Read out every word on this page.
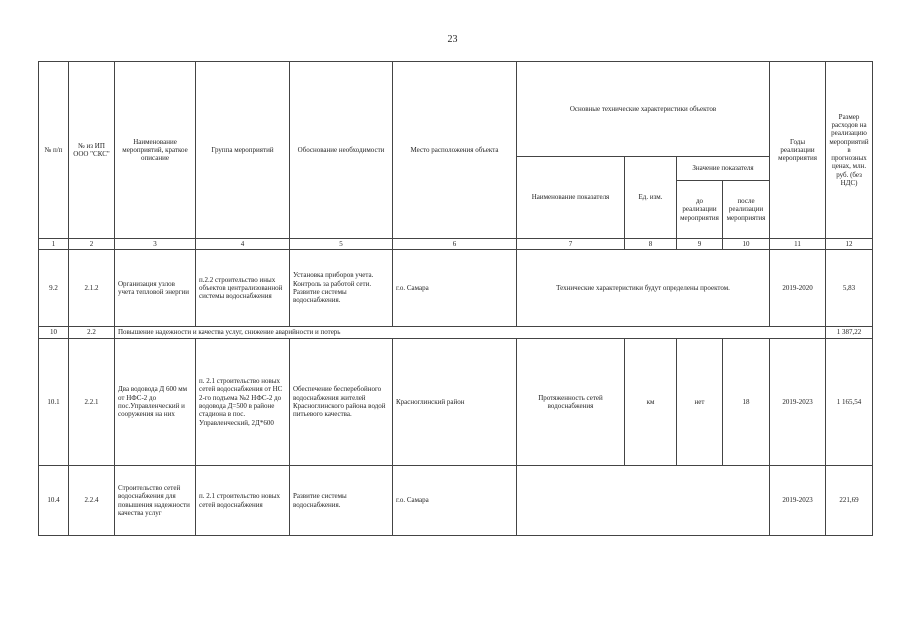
23
№ п/п	№ из ИП ООО "СКС"	Наименование мероприятий, краткое описание	Группа мероприятий	Обоснование необходимости	Место расположения объекта	Основные технические характеристики объектов				Годы реализации мероприятия	Размер расходов на реализацию мероприятий в прогнозных ценах, млн. руб. (без НДС)
						Наименование показателя	Ед. изм.	Значение показателя			
								до реализации мероприятия	после реализации мероприятия		
1	2	3	4	5	6	7	8	9	10	11	12
9.2	2.1.2	Организация узлов учета тепловой энергии	п.2.2 строительство иных объектов централизованной системы водоснабжения	Установка приборов учета. Контроль за работой сети. Развитие системы водоснабжения.	г.о. Самара	Технические характеристики будут определены проектом.				2019-2020	5,83
10	2.2	Повышение надежности и качества услуг, снижение аварийности и потерь									1 387,22
10.1	2.2.1	Два водовода Д 600 мм от НФС-2 до пос.Управленческий и сооружения на них	п. 2.1 строительство новых сетей водоснабжения от НС 2-го подъема №2 НФС-2 до водовода Д=500 в районе стадиона в пос. Управленческий, 2Д*600	Обеспечение бесперебойного водоснабжения жителей Красноглинского района водой питьевого качества.	Красноглинский район	Протяженность сетей водоснабжения	км	нет	18	2019-2023	1 165,54
10.4	2.2.4	Строительство сетей водоснабжения для повышения надежности качества услуг	п. 2.1 строительство новых сетей водоснабжения	Развитие системы водоснабжения.	г.о. Самара					2019-2023	221,69
